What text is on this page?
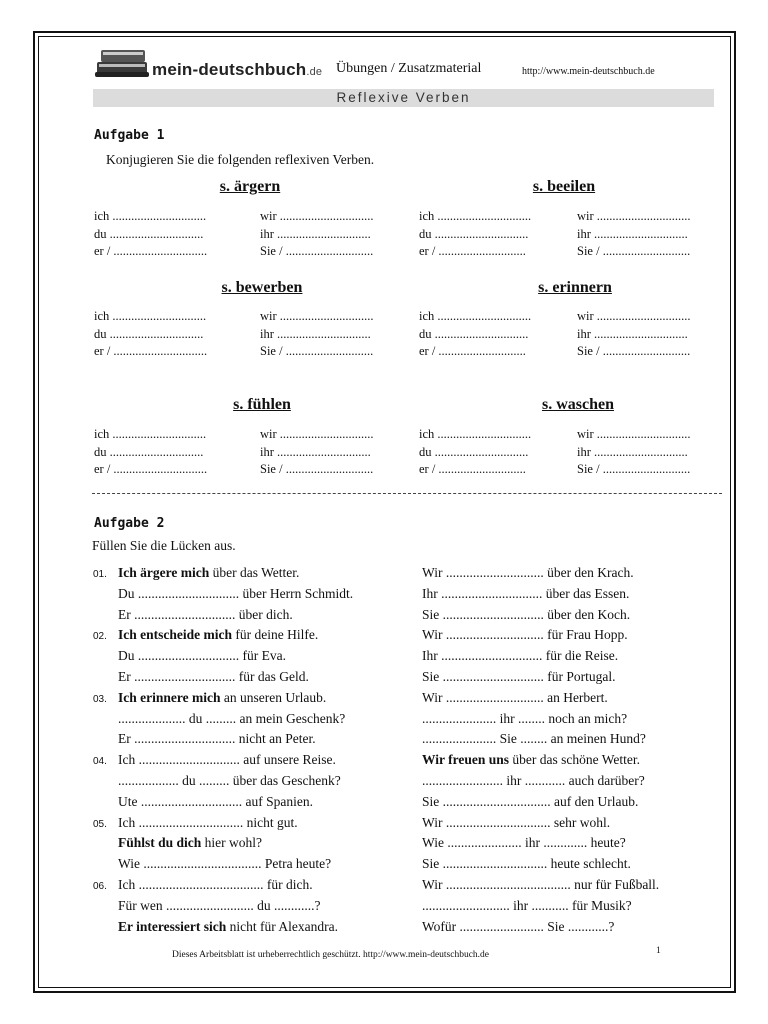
mein-deutschbuch.de Übungen / Zusatzmaterial	http://www.mein-deutschbuch.de
Reflexive Verben
Aufgabe 1
Konjugieren Sie die folgenden reflexiven Verben.
s. ärgern
ich ..............................	wir ..............................
du ..............................	ihr ..............................
er / ..............................	Sie / ............................
s. beeilen
ich ..............................	wir ..............................
du ..............................	ihr ..............................
er / ............................	Sie / ............................
s. bewerben
ich ..............................	wir ..............................
du ..............................	ihr ..............................
er / ..............................	Sie / ............................
s. erinnern
ich ..............................	wir ..............................
du ..............................	ihr ..............................
er / ............................	Sie / ............................
s. fühlen
ich ..............................	wir ..............................
du ..............................	ihr ..............................
er / ..............................	Sie / ............................
s. waschen
ich ..............................	wir ..............................
du ..............................	ihr ..............................
er / ............................	Sie / ............................
Aufgabe 2
Füllen Sie die Lücken aus.
01. Ich ärgere mich über das Wetter.	Wir ............................. über den Krach.
Du .............................. über Herrn Schmidt.	Ihr .............................. über das Essen.
Er .............................. über dich.	Sie .............................. über den Koch.
02. Ich entscheide mich für deine Hilfe.	Wir ............................. für Frau Hopp.
Du .............................. für Eva.	Ihr .............................. für die Reise.
Er .............................. für das Geld.	Sie .............................. für Portugal.
03. Ich erinnere mich an unseren Urlaub.	Wir ............................. an Herbert.
.................... du ......... an mein Geschenk?	...................... ihr ........ noch an mich?
Er .............................. nicht an Peter.	...................... Sie ........ an meinen Hund?
04. Ich .............................. auf unsere Reise.	Wir freuen uns über das schöne Wetter.
.................. du ......... über das Geschenk?	........................ ihr ............ auch darüber?
Ute .............................. auf Spanien.	Sie ................................ auf den Urlaub.
05. Ich ............................... nicht gut.	Wir ............................... sehr wohl.
Fühlst du dich hier wohl?	Wie ...................... ihr ............. heute?
Wie ................................... Petra heute?	Sie ............................... heute schlecht.
06. Ich ..................................... für dich.	Wir ..................................... nur für Fußball.
Für wen .......................... du ............?	.......................... ihr ........... für Musik?
Er interessiert sich nicht für Alexandra.	Wofür ......................... Sie ............?
Dieses Arbeitsblatt ist urheberrechtlich geschützt. http://www.mein-deutschbuch.de	1
